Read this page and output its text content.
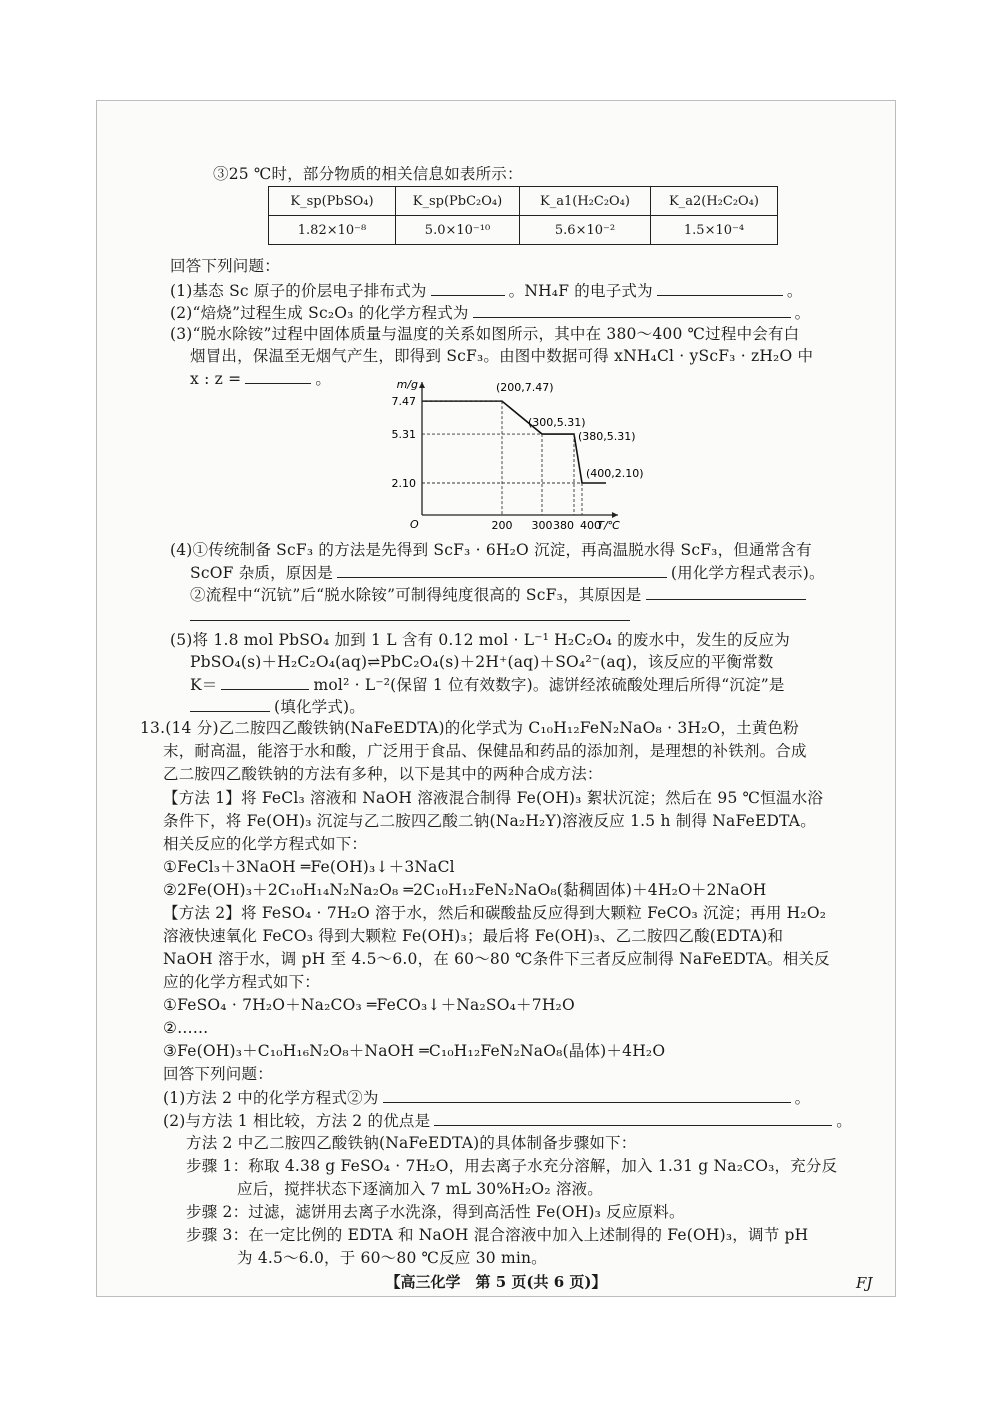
③25 ℃时，部分物质的相关信息如表所示：
K_sp(PbSO₄)	K_sp(PbC₂O₄)	K_a1(H₂C₂O₄)	K_a2(H₂C₂O₄)
1.82×10⁻⁸	5.0×10⁻¹⁰	5.6×10⁻²	1.5×10⁻⁴
回答下列问题：
(1)基态 Sc 原子的价层电子排布式为	。NH₄F 的电子式为	。
(2)“焙烧”过程生成 Sc₂O₃ 的化学方程式为	。
(3)“脱水除铵”过程中固体质量与温度的关系如图所示，其中在 380～400 ℃过程中会有白
烟冒出，保温至无烟气产生，即得到 ScF₃。由图中数据可得 xNH₄Cl · yScF₃ · zH₂O 中
x : z =	。	m/g
T/℃
O	200 300 380 400
7.47
5.31
2.10
(200,7.47)
(300,5.31)
(380,5.31)
(400,2.10)
(4)①传统制备 ScF₃ 的方法是先得到 ScF₃ · 6H₂O 沉淀，再高温脱水得 ScF₃，但通常含有
ScOF 杂质，原因是	(用化学方程式表示)。
②流程中“沉钪”后“脱水除铵”可制得纯度很高的 ScF₃，其原因是
(5)将 1.8 mol PbSO₄ 加到 1 L 含有 0.12 mol · L⁻¹ H₂C₂O₄ 的废水中，发生的反应为
PbSO₄(s)＋H₂C₂O₄(aq)⇌PbC₂O₄(s)＋2H⁺(aq)＋SO₄²⁻(aq)，该反应的平衡常数
K＝	mol² · L⁻²(保留 1 位有效数字)。滤饼经浓硫酸处理后所得“沉淀”是
(填化学式)。
13.(14 分)乙二胺四乙酸铁钠(NaFeEDTA)的化学式为 C₁₀H₁₂FeN₂NaO₈ · 3H₂O，土黄色粉
末，耐高温，能溶于水和酸，广泛用于食品、保健品和药品的添加剂，是理想的补铁剂。合成
乙二胺四乙酸铁钠的方法有多种，以下是其中的两种合成方法：
【方法 1】将 FeCl₃ 溶液和 NaOH 溶液混合制得 Fe(OH)₃ 絮状沉淀；然后在 95 ℃恒温水浴
条件下，将 Fe(OH)₃ 沉淀与乙二胺四乙酸二钠(Na₂H₂Y)溶液反应 1.5 h 制得 NaFeEDTA。
相关反应的化学方程式如下：
①FeCl₃＋3NaOH ═Fe(OH)₃↓＋3NaCl
②2Fe(OH)₃＋2C₁₀H₁₄N₂Na₂O₈ ═2C₁₀H₁₂FeN₂NaO₈(黏稠固体)＋4H₂O＋2NaOH
【方法 2】将 FeSO₄ · 7H₂O 溶于水，然后和碳酸盐反应得到大颗粒 FeCO₃ 沉淀；再用 H₂O₂
溶液快速氧化 FeCO₃ 得到大颗粒 Fe(OH)₃；最后将 Fe(OH)₃、乙二胺四乙酸(EDTA)和
NaOH 溶于水，调 pH 至 4.5～6.0，在 60～80 ℃条件下三者反应制得 NaFeEDTA。相关反
应的化学方程式如下：
①FeSO₄ · 7H₂O＋Na₂CO₃ ═FeCO₃↓＋Na₂SO₄＋7H₂O
②……
③Fe(OH)₃＋C₁₀H₁₆N₂O₈＋NaOH ═C₁₀H₁₂FeN₂NaO₈(晶体)＋4H₂O
回答下列问题：
(1)方法 2 中的化学方程式②为	。
(2)与方法 1 相比较，方法 2 的优点是	。
方法 2 中乙二胺四乙酸铁钠(NaFeEDTA)的具体制备步骤如下：
步骤 1：称取 4.38 g FeSO₄ · 7H₂O，用去离子水充分溶解，加入 1.31 g Na₂CO₃，充分反
应后，搅拌状态下逐滴加入 7 mL 30%H₂O₂ 溶液。
步骤 2：过滤，滤饼用去离子水洗涤，得到高活性 Fe(OH)₃ 反应原料。
步骤 3：在一定比例的 EDTA 和 NaOH 混合溶液中加入上述制得的 Fe(OH)₃，调节 pH
为 4.5～6.0，于 60～80 ℃反应 30 min。
【高三化学　第 5 页(共 6 页)】	FJ
